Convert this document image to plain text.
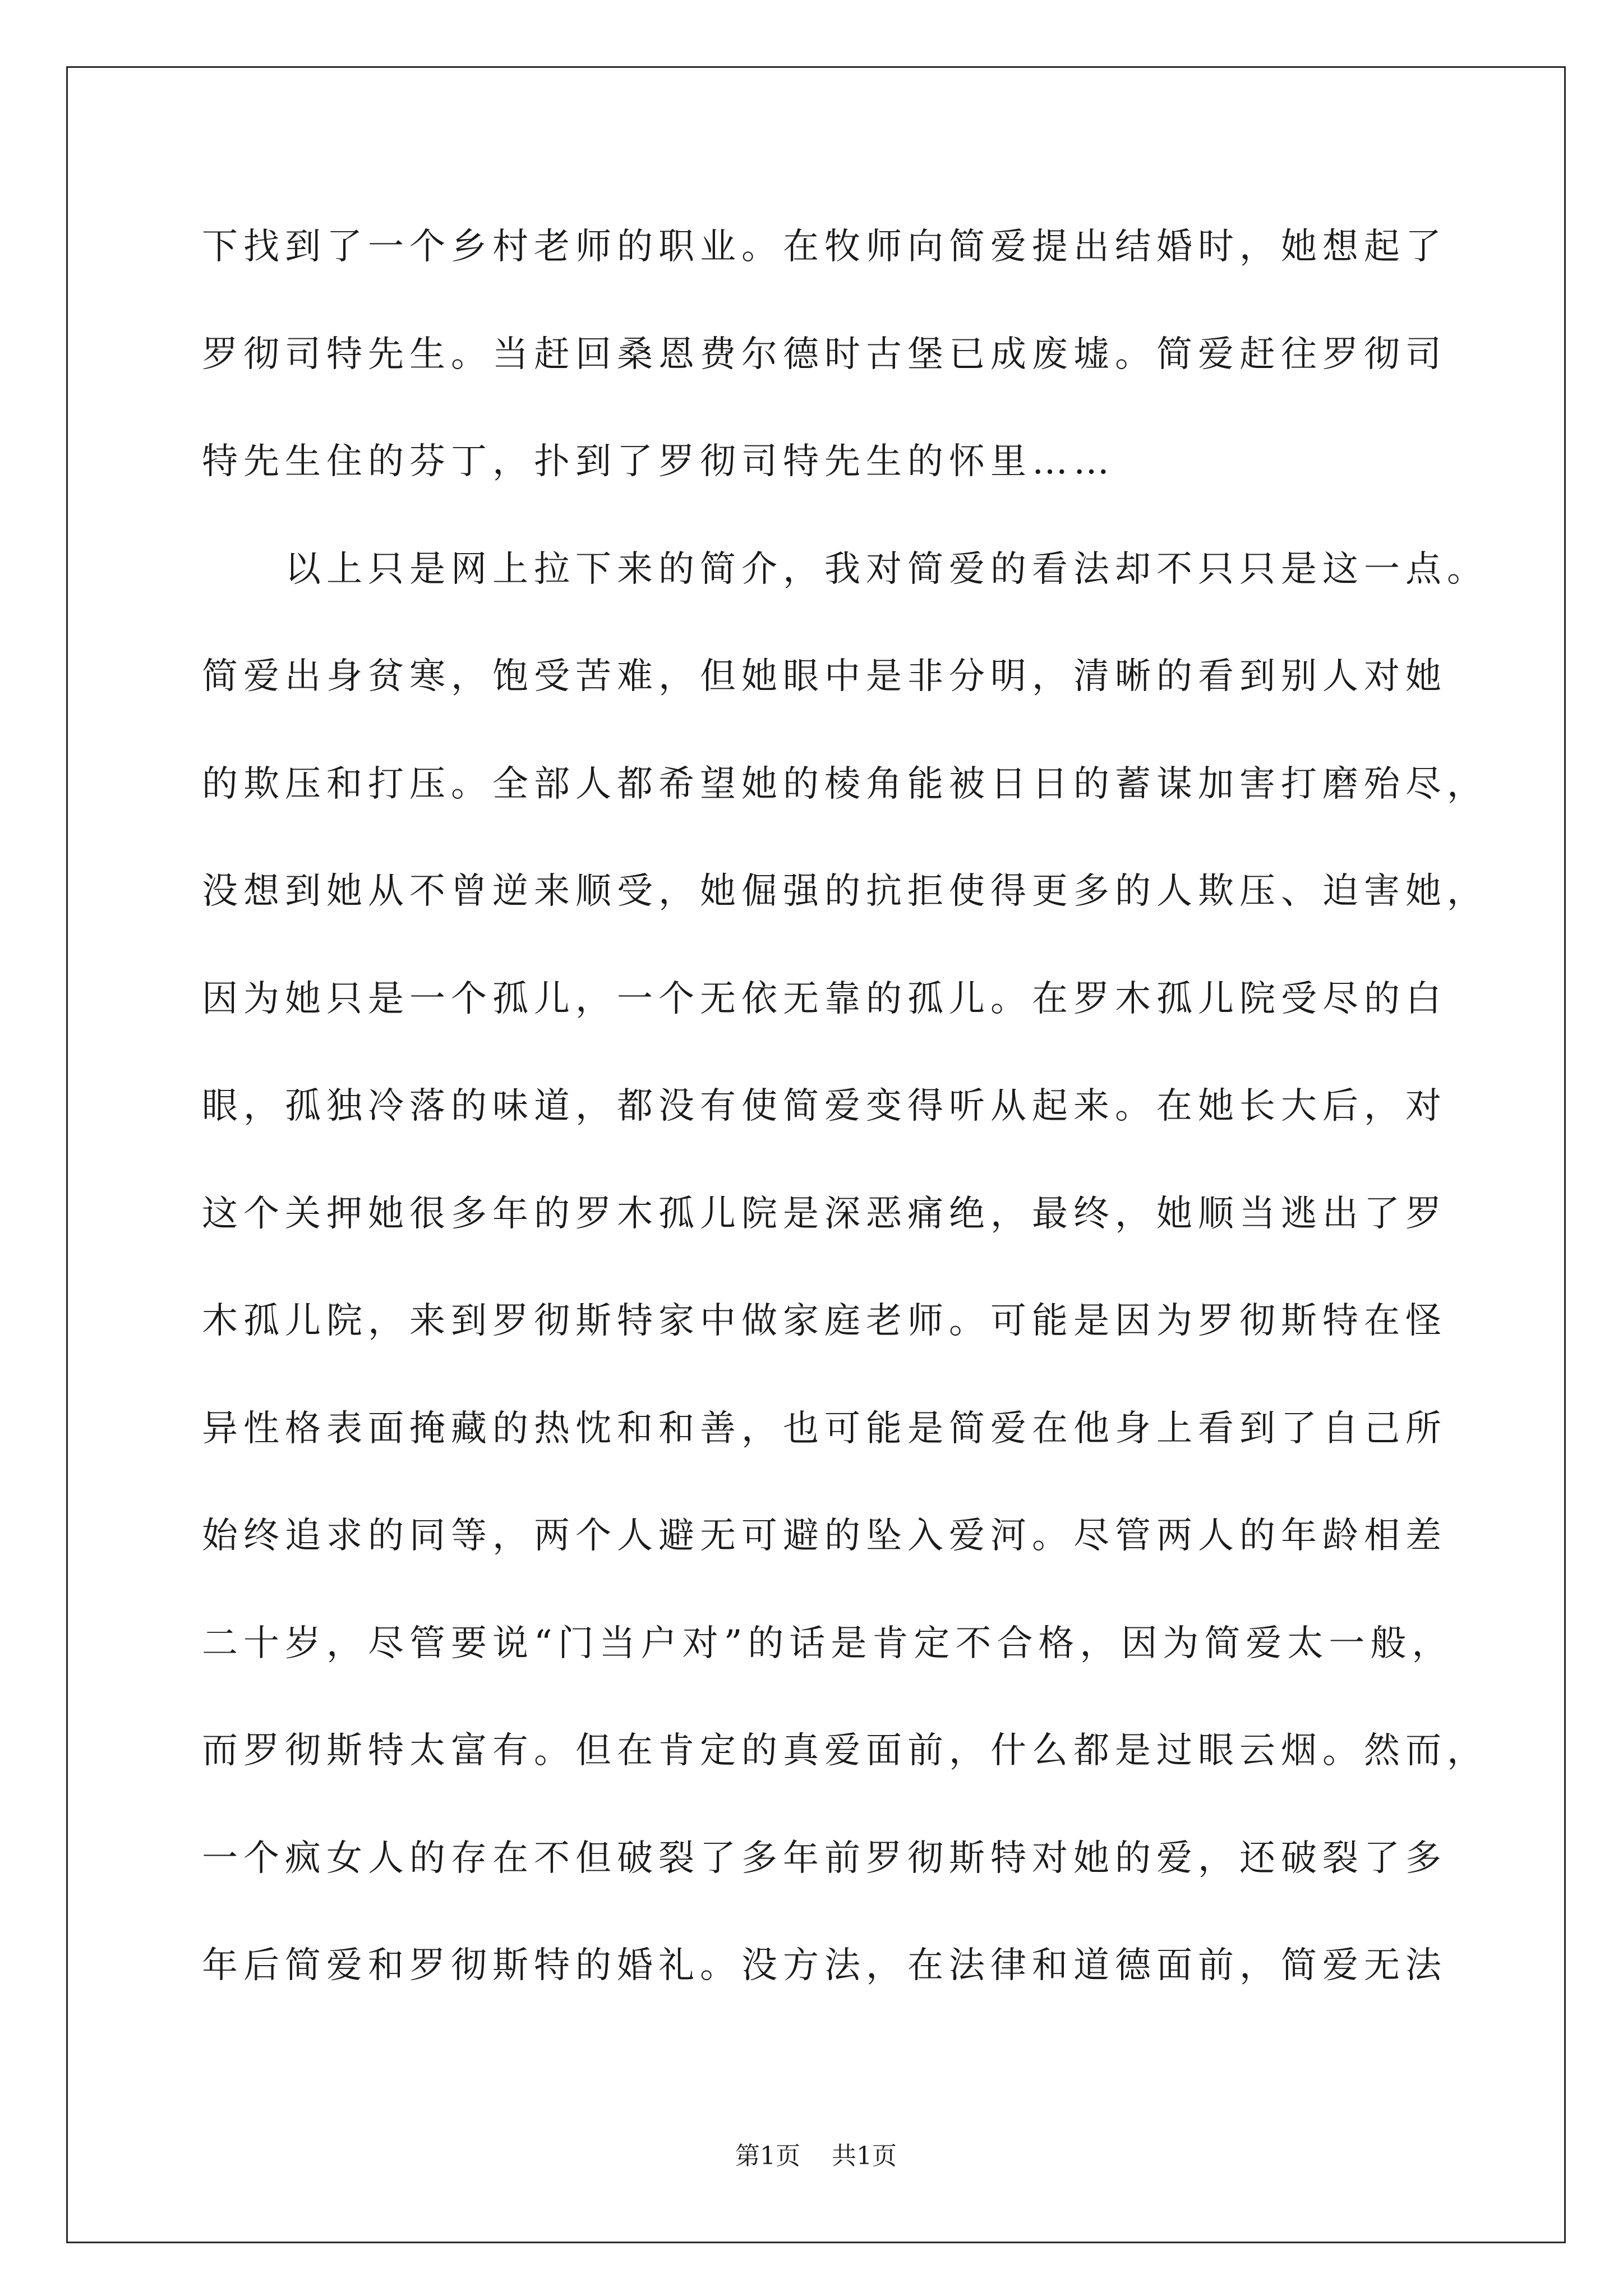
下找到了一个乡村老师的职业。在牧师向简爱提出结婚时，她想起了
罗彻司特先生。当赶回桑恩费尔德时古堡已成废墟。简爱赶往罗彻司
特先生住的芬丁，扑到了罗彻司特先生的怀里……
以上只是网上拉下来的简介，我对简爱的看法却不只只是这一点。
简爱出身贫寒，饱受苦难，但她眼中是非分明，清晰的看到别人对她
的欺压和打压。全部人都希望她的棱角能被日日的蓄谋加害打磨殆尽，
没想到她从不曾逆来顺受，她倔强的抗拒使得更多的人欺压、迫害她，
因为她只是一个孤儿，一个无依无靠的孤儿。在罗木孤儿院受尽的白
眼，孤独冷落的味道，都没有使简爱变得听从起来。在她长大后，对
这个关押她很多年的罗木孤儿院是深恶痛绝，最终，她顺当逃出了罗
木孤儿院，来到罗彻斯特家中做家庭老师。可能是因为罗彻斯特在怪
异性格表面掩藏的热忱和和善，也可能是简爱在他身上看到了自己所
始终追求的同等，两个人避无可避的坠入爱河。尽管两人的年龄相差
二十岁，尽管要说“门当户对”的话是肯定不合格，因为简爱太一般，
而罗彻斯特太富有。但在肯定的真爱面前，什么都是过眼云烟。然而，
一个疯女人的存在不但破裂了多年前罗彻斯特对她的爱，还破裂了多
年后简爱和罗彻斯特的婚礼。没方法，在法律和道德面前，简爱无法
第1页 共1页
